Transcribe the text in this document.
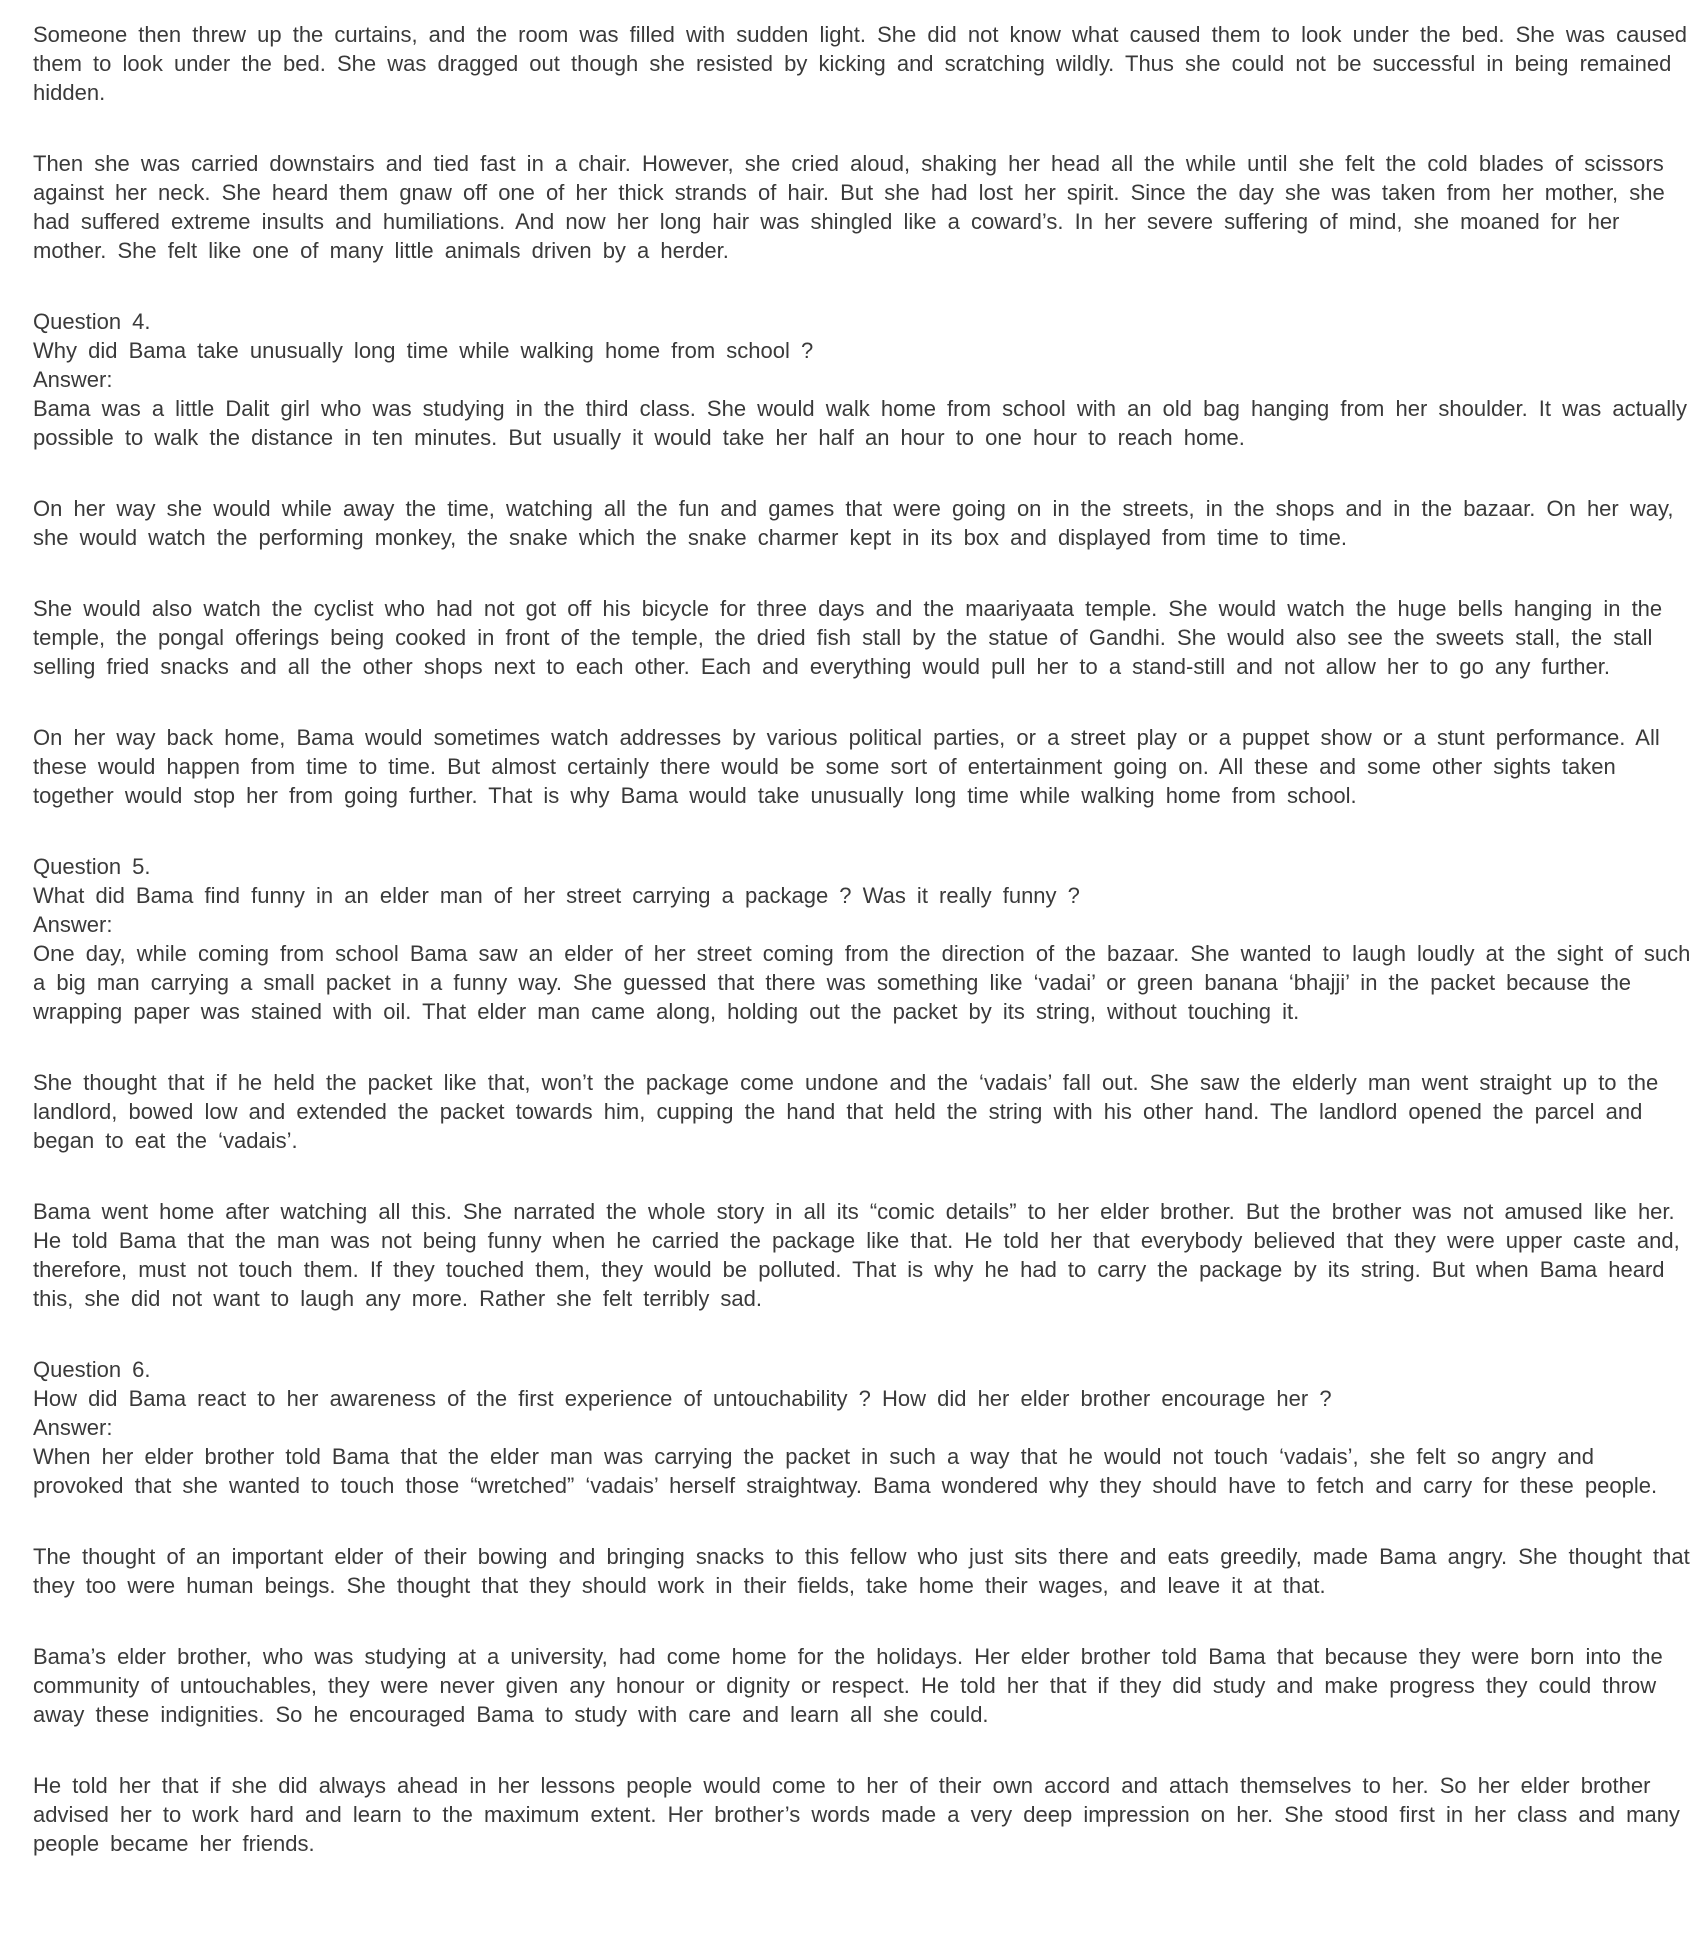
Someone then threw up the curtains, and the room was filled with sudden light. She did not know what caused them to look under the bed. She was caused them to look under the bed. She was dragged out though she resisted by kicking and scratching wildly. Thus she could not be successful in being remained hidden.

Then she was carried downstairs and tied fast in a chair. However, she cried aloud, shaking her head all the while until she felt the cold blades of scissors against her neck. She heard them gnaw off one of her thick strands of hair. But she had lost her spirit. Since the day she was taken from her mother, she had suffered extreme insults and humiliations. And now her long hair was shingled like a coward’s. In her severe suffering of mind, she moaned for her mother. She felt like one of many little animals driven by a herder.

Question 4.
Why did Bama take unusually long time while walking home from school ?
Answer:
Bama was a little Dalit girl who was studying in the third class. She would walk home from school with an old bag hanging from her shoulder. It was actually possible to walk the distance in ten minutes. But usually it would take her half an hour to one hour to reach home.

On her way she would while away the time, watching all the fun and games that were going on in the streets, in the shops and in the bazaar. On her way, she would watch the performing monkey, the snake which the snake charmer kept in its box and displayed from time to time.

She would also watch the cyclist who had not got off his bicycle for three days and the maariyaata temple. She would watch the huge bells hanging in the temple, the pongal offerings being cooked in front of the temple, the dried fish stall by the statue of Gandhi. She would also see the sweets stall, the stall selling fried snacks and all the other shops next to each other. Each and everything would pull her to a stand-still and not allow her to go any further.

On her way back home, Bama would sometimes watch addresses by various political parties, or a street play or a puppet show or a stunt performance. All these would happen from time to time. But almost certainly there would be some sort of entertainment going on. All these and some other sights taken together would stop her from going further. That is why Bama would take unusually long time while walking home from school.

Question 5.
What did Bama find funny in an elder man of her street carrying a package ? Was it really funny ?
Answer:
One day, while coming from school Bama saw an elder of her street coming from the direction of the bazaar. She wanted to laugh loudly at the sight of such a big man carrying a small packet in a funny way. She guessed that there was something like ‘vadai’ or green banana ‘bhajji’ in the packet because the wrapping paper was stained with oil. That elder man came along, holding out the packet by its string, without touching it.

She thought that if he held the packet like that, won’t the package come undone and the ‘vadais’ fall out. She saw the elderly man went straight up to the landlord, bowed low and extended the packet towards him, cupping the hand that held the string with his other hand. The landlord opened the parcel and began to eat the ‘vadais’.

Bama went home after watching all this. She narrated the whole story in all its “comic details” to her elder brother. But the brother was not amused like her. He told Bama that the man was not being funny when he carried the package like that. He told her that everybody believed that they were upper caste and, therefore, must not touch them. If they touched them, they would be polluted. That is why he had to carry the package by its string. But when Bama heard this, she did not want to laugh any more. Rather she felt terribly sad.

Question 6.
How did Bama react to her awareness of the first experience of untouchability ? How did her elder brother encourage her ?
Answer:
When her elder brother told Bama that the elder man was carrying the packet in such a way that he would not touch ‘vadais’, she felt so angry and provoked that she wanted to touch those “wretched” ‘vadais’ herself straightway. Bama wondered why they should have to fetch and carry for these people.

The thought of an important elder of their bowing and bringing snacks to this fellow who just sits there and eats greedily, made Bama angry. She thought that they too were human beings. She thought that they should work in their fields, take home their wages, and leave it at that.

Bama’s elder brother, who was studying at a university, had come home for the holidays. Her elder brother told Bama that because they were born into the community of untouchables, they were never given any honour or dignity or respect. He told her that if they did study and make progress they could throw away these indignities. So he encouraged Bama to study with care and learn all she could.

He told her that if she did always ahead in her lessons people would come to her of their own accord and attach themselves to her. So her elder brother advised her to work hard and learn to the maximum extent. Her brother’s words made a very deep impression on her. She stood first in her class and many people became her friends.
